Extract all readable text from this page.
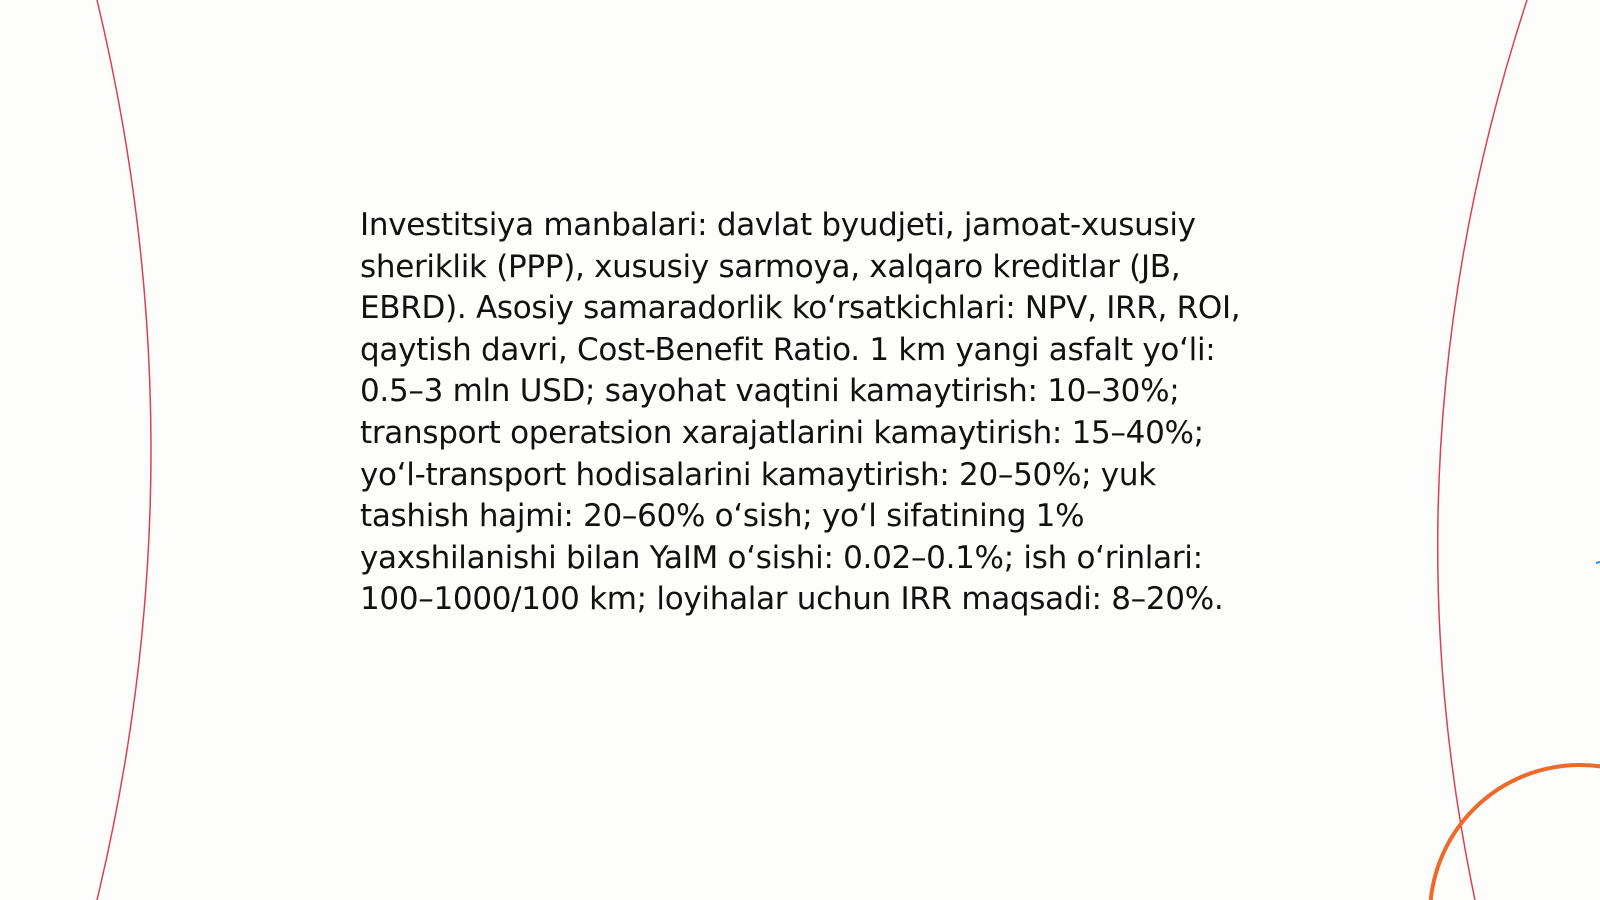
Investitsiya manbalari: davlat byudjeti, jamoat-xususiy sheriklik (PPP), xususiy sarmoya, xalqaro kreditlar (JB, EBRD). Asosiy samaradorlik ko‘rsatkichlari: NPV, IRR, ROI, qaytish davri, Cost-Benefit Ratio. 1 km yangi asfalt yo‘li: 0.5–3 mln USD; sayohat vaqtini kamaytirish: 10–30%; transport operatsion xarajatlarini kamaytirish: 15–40%; yo‘l-transport hodisalarini kamaytirish: 20–50%; yuk tashish hajmi: 20–60% o‘sish; yo‘l sifatining 1% yaxshilanishi bilan YaIM o‘sishi: 0.02–0.1%; ish o‘rinlari: 100–1000/100 km; loyihalar uchun IRR maqsadi: 8–20%.
